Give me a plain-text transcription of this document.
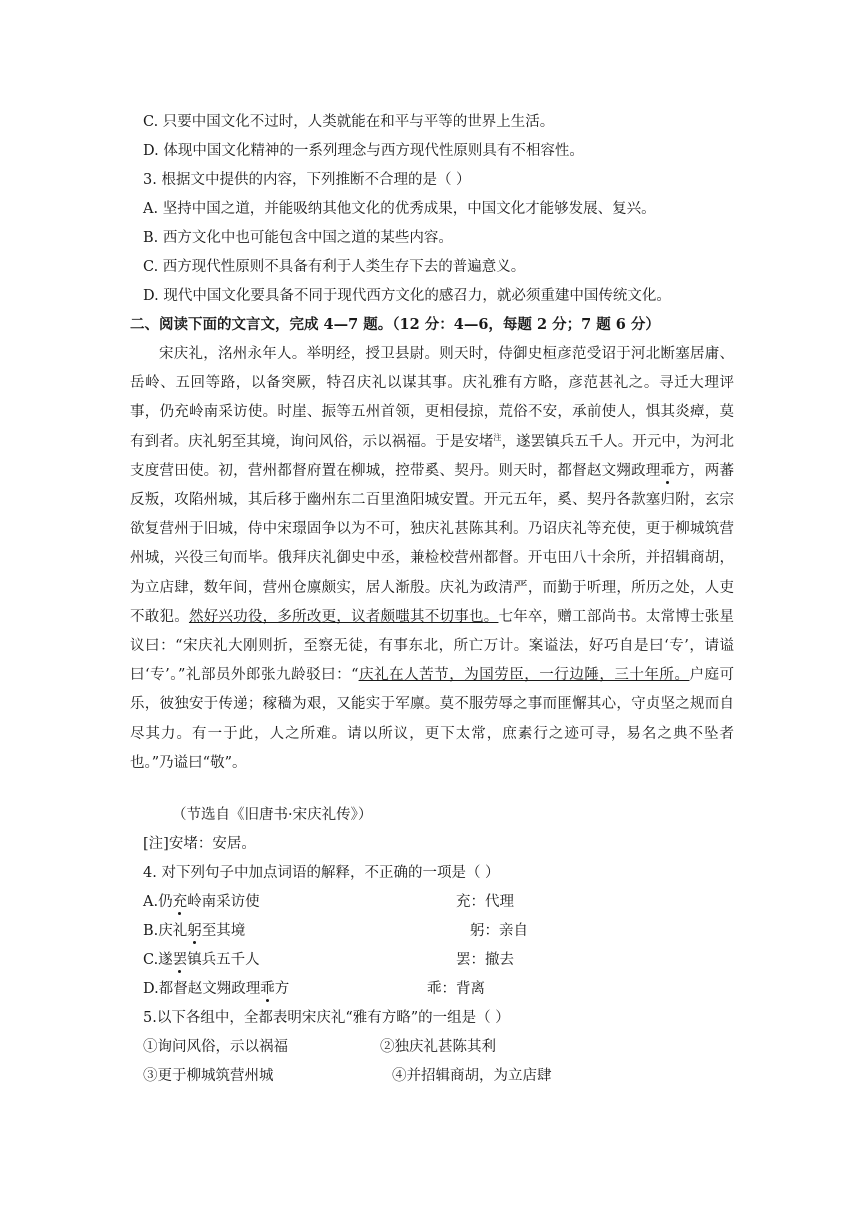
C. 只要中国文化不过时，人类就能在和平与平等的世界上生活。
D. 体现中国文化精神的一系列理念与西方现代性原则具有不相容性。
3. 根据文中提供的内容，下列推断不合理的是（ ）
A. 坚持中国之道，并能吸纳其他文化的优秀成果，中国文化才能够发展、复兴。
B. 西方文化中也可能包含中国之道的某些内容。
C. 西方现代性原则不具备有利于人类生存下去的普遍意义。
D. 现代中国文化要具备不同于现代西方文化的感召力，就必须重建中国传统文化。
二、阅读下面的文言文，完成 4—7 题。（12 分：4—6，每题 2 分；7 题 6 分）
宋庆礼，洺州永年人。举明经，授卫县尉。则天时，侍御史桓彦范受诏于河北断塞居庸、岳岭、五回等路，以备突厥，特召庆礼以谋其事。庆礼雅有方略，彦范甚礼之。寻迁大理评事，仍充岭南采访使。时崖、振等五州首领，更相侵掠，荒俗不安，承前使人，惧其炎瘴，莫有到者。庆礼躬至其境，询问风俗，示以祸福。于是安堵$^注$，遂罢镇兵五千人。开元中，为河北支度营田使。初，营州都督府置在柳城，控带奚、契丹。则天时，都督赵文翙政理乖方，两蕃反叛，攻陷州城，其后移于幽州东二百里渔阳城安置。开元五年，奚、契丹各款塞归附，玄宗欲复营州于旧城，侍中宋璟固争以为不可，独庆礼甚陈其利。乃诏庆礼等充使，更于柳城筑营州城，兴役三旬而毕。俄拜庆礼御史中丞，兼检校营州都督。开屯田八十余所，并招辑商胡，为立店肆，数年间，营州仓廪颇实，居人渐殷。庆礼为政清严，而勤于听理，所历之处，人吏不敢犯。然好兴功役，多所改更，议者颇嗤其不切事也。七年卒，赠工部尚书。太常博士张星议曰：“宋庆礼大刚则折，至察无徒，有事东北，所亡万计。案谥法，好巧自是曰‘专’，请谥曰‘专’。”礼部员外郎张九龄驳曰：“庆礼在人苦节，为国劳臣，一行边陲，三十年所。户庭可乐，彼独安于传递；稼穑为艰，又能实于军廪。莫不服劳辱之事而匪懈其心，守贞坚之规而自尽其力。有一于此，人之所难。请以所议，更下太常，庶素行之迹可寻，易名之典不坠者也。”乃谥曰“敬”。
（节选自《旧唐书·宋庆礼传》）
[注]安堵：安居。
4. 对下列句子中加点词语的解释，不正确的一项是（ ）
A.仍充岭南采访使	充：代理
B.庆礼躬至其境	躬：亲自
C.遂罢镇兵五千人	罢：撤去
D.都督赵文翙政理乖方	乖：背离
5.以下各组中，全都表明宋庆礼“雅有方略”的一组是（ ）
①询问风俗，示以祸福	②独庆礼甚陈其利
③更于柳城筑营州城	④并招辑商胡，为立店肆
